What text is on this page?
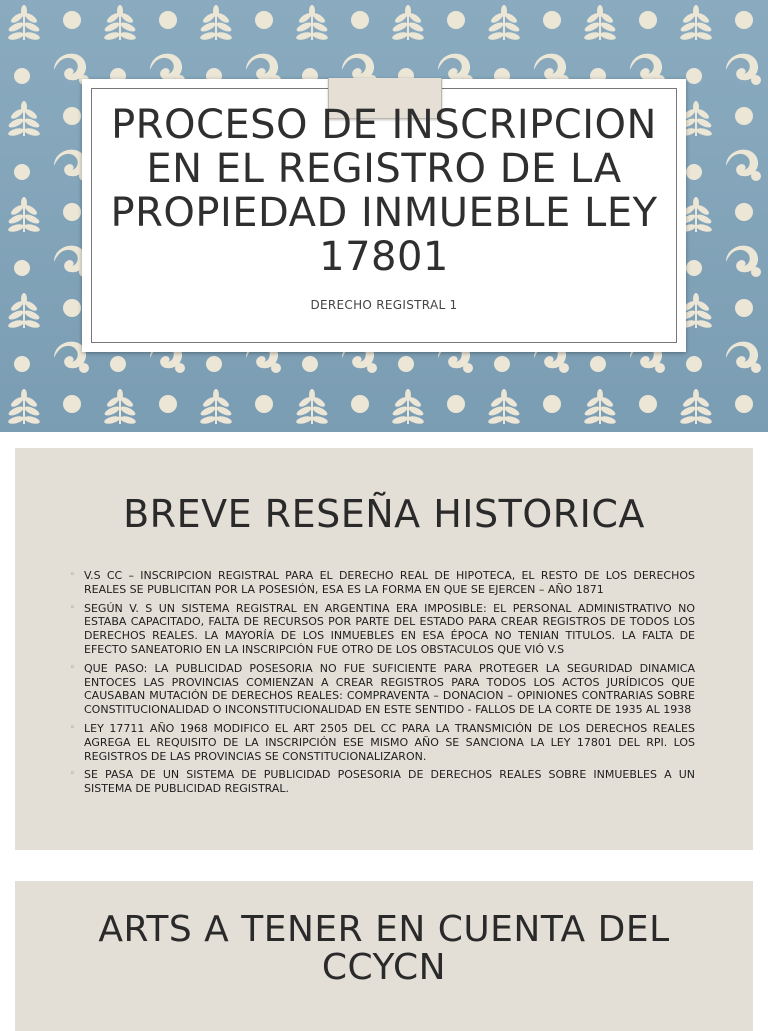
PROCESO DE INSCRIPCION EN EL REGISTRO DE LA PROPIEDAD INMUEBLE LEY 17801
DERECHO REGISTRAL 1
BREVE RESEÑA HISTORICA
◦ V.S CC – INSCRIPCION REGISTRAL PARA EL DERECHO REAL DE HIPOTECA, EL RESTO DE LOS DERECHOS REALES SE PUBLICITAN POR LA POSESIÓN, ESA ES LA FORMA EN QUE SE EJERCEN – AÑO 1871
◦ SEGÚN V. S UN SISTEMA REGISTRAL EN ARGENTINA ERA IMPOSIBLE: EL PERSONAL ADMINISTRATIVO NO ESTABA CAPACITADO, FALTA DE RECURSOS POR PARTE DEL ESTADO PARA CREAR REGISTROS DE TODOS LOS DERECHOS REALES. LA MAYORÍA DE LOS INMUEBLES EN ESA ÉPOCA NO TENIAN TITULOS. LA FALTA DE EFECTO SANEATORIO EN LA INSCRIPCIÓN FUE OTRO DE LOS OBSTACULOS QUE VIÓ V.S
◦ QUE PASO: LA PUBLICIDAD POSESORIA NO FUE SUFICIENTE PARA PROTEGER LA SEGURIDAD DINAMICA ENTOCES LAS PROVINCIAS COMIENZAN A CREAR REGISTROS PARA TODOS LOS ACTOS JURÍDICOS QUE CAUSABAN MUTACIÓN DE DERECHOS REALES: COMPRAVENTA – DONACION – OPINIONES CONTRARIAS SOBRE CONSTITUCIONALIDAD O INCONSTITUCIONALIDAD EN ESTE SENTIDO - FALLOS DE LA CORTE DE 1935 AL 1938
◦ LEY 17711 AÑO 1968 MODIFICO EL ART 2505 DEL CC PARA LA TRANSMICIÓN DE LOS DERECHOS REALES AGREGA EL REQUISITO DE LA INSCRIPCIÓN ESE MISMO AÑO SE SANCIONA LA LEY 17801 DEL RPI. LOS REGISTROS DE LAS PROVINCIAS SE CONSTITUCIONALIZARON.
◦ SE PASA DE UN SISTEMA DE PUBLICIDAD POSESORIA DE DERECHOS REALES SOBRE INMUEBLES A UN SISTEMA DE PUBLICIDAD REGISTRAL.
ARTS A TENER EN CUENTA DEL CCYCN
